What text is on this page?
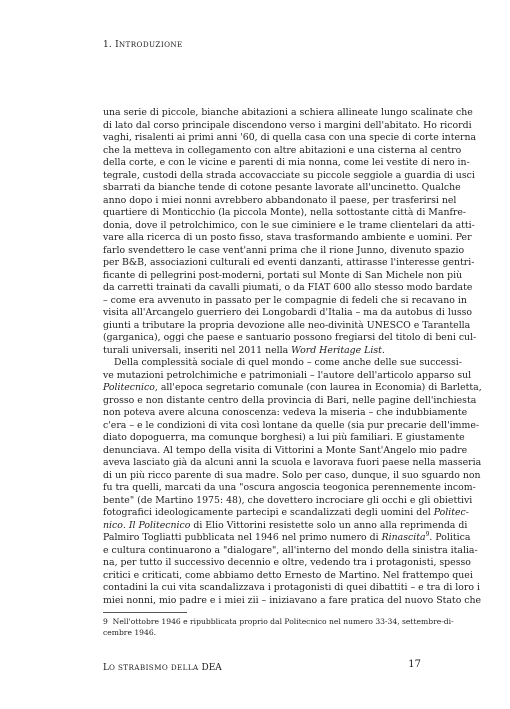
1. INTRODUZIONE
una serie di piccole, bianche abitazioni a schiera allineate lungo scalinate che
di lato dal corso principale discendono verso i margini dell'abitato. Ho ricordi
vaghi, risalenti ai primi anni '60, di quella casa con una specie di corte interna
che la metteva in collegamento con altre abitazioni e una cisterna al centro
della corte, e con le vicine e parenti di mia nonna, come lei vestite di nero in-
tegrale, custodi della strada accovacciate su piccole seggiole a guardia di usci
sbarrati da bianche tende di cotone pesante lavorate all'uncinetto. Qualche
anno dopo i miei nonni avrebbero abbandonato il paese, per trasferirsi nel
quartiere di Monticchio (la piccola Monte), nella sottostante città di Manfre-
donia, dove il petrolchimico, con le sue ciminiere e le trame clientelari da atti-
vare alla ricerca di un posto fisso, stava trasformando ambiente e uomini. Per
farlo svendettero le case vent'anni prima che il rione Junno, divenuto spazio
per B&B, associazioni culturali ed eventi danzanti, attirasse l'interesse gentri-
ficante di pellegrini post-moderni, portati sul Monte di San Michele non più
da carretti trainati da cavalli piumati, o da FIAT 600 allo stesso modo bardate
– come era avvenuto in passato per le compagnie di fedeli che si recavano in
visita all'Arcangelo guerriero dei Longobardi d'Italia – ma da autobus di lusso
giunti a tributare la propria devozione alle neo-divinità UNESCO e Tarantella
(garganica), oggi che paese e santuario possono fregiarsi del titolo di beni cul-
turali universali, inseriti nel 2011 nella Word Heritage List.
Della complessità sociale di quel mondo – come anche delle sue successi-
ve mutazioni petrolchimiche e patrimoniali – l'autore dell'articolo apparso sul
Politecnico, all'epoca segretario comunale (con laurea in Economia) di Barletta,
grosso e non distante centro della provincia di Bari, nelle pagine dell'inchiesta
non poteva avere alcuna conoscenza: vedeva la miseria – che indubbiamente
c'era – e le condizioni di vita così lontane da quelle (sia pur precarie dell'imme-
diato dopoguerra, ma comunque borghesi) a lui più familiari. E giustamente
denunciava. Al tempo della visita di Vittorini a Monte Sant'Angelo mio padre
aveva lasciato già da alcuni anni la scuola e lavorava fuori paese nella masseria
di un più ricco parente di sua madre. Solo per caso, dunque, il suo sguardo non
fu tra quelli, marcati da una "oscura angoscia teogonica perennemente incom-
bente" (de Martino 1975: 48), che dovettero incrociare gli occhi e gli obiettivi
fotografici ideologicamente partecipi e scandalizzati degli uomini del Politec-
nico. Il Politecnico di Elio Vittorini resistette solo un anno alla reprimenda di
Palmiro Togliatti pubblicata nel 1946 nel primo numero di Rinascita$^9$. Politica
e cultura continuarono a "dialogare", all'interno del mondo della sinistra italia-
na, per tutto il successivo decennio e oltre, vedendo tra i protagonisti, spesso
critici e criticati, come abbiamo detto Ernesto de Martino. Nel frattempo quei
contadini la cui vita scandalizzava i protagonisti di quei dibattiti – e tra di loro i
miei nonni, mio padre e i miei zii – iniziavano a fare pratica del nuovo Stato che
9 Nell'ottobre 1946 e ripubblicata proprio dal Politecnico nel numero 33-34, settembre-di-
cembre 1946.
LO STRABISMO DELLA DEA	17
